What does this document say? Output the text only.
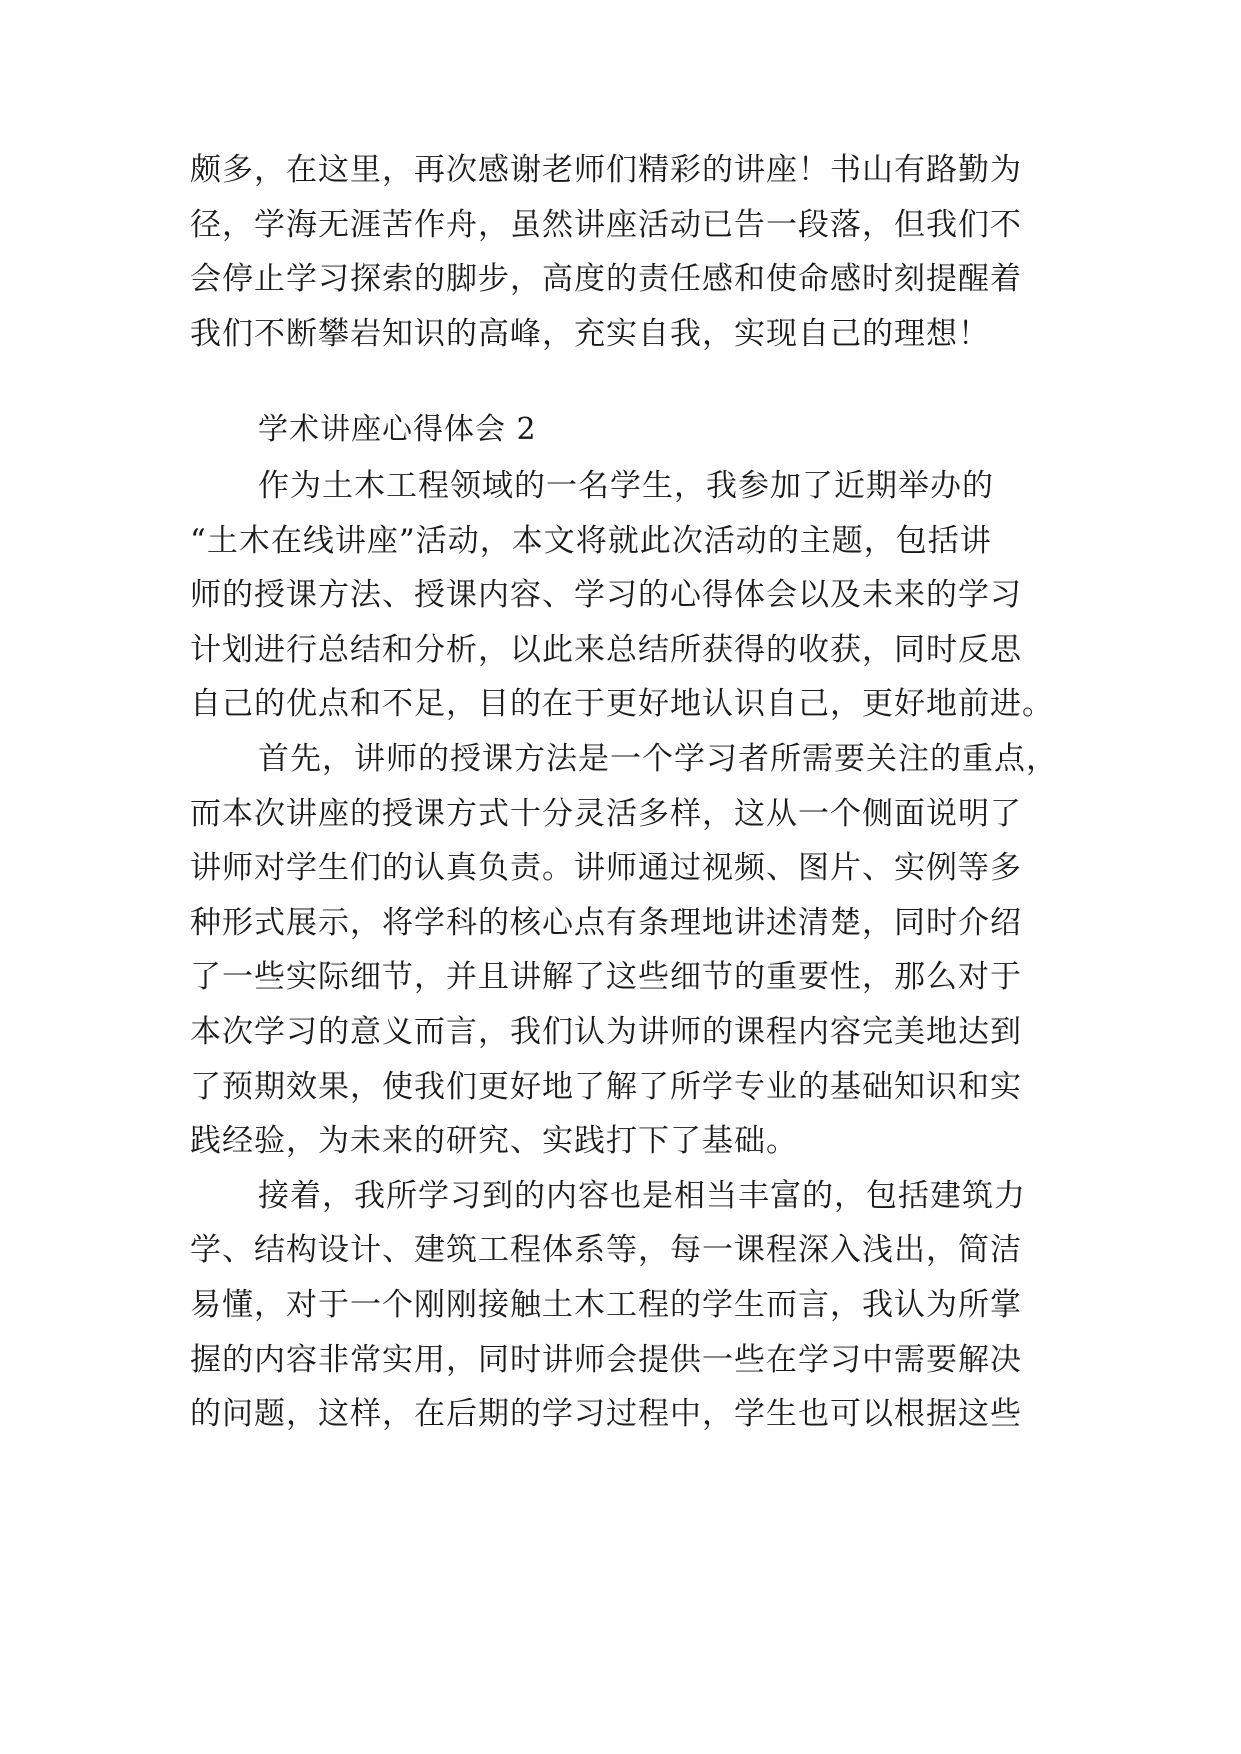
颇多，在这里，再次感谢老师们精彩的讲座！书山有路勤为
径，学海无涯苦作舟，虽然讲座活动已告一段落，但我们不
会停止学习探索的脚步，高度的责任感和使命感时刻提醒着
我们不断攀岩知识的高峰，充实自我，实现自己的理想！
学术讲座心得体会 2
作为土木工程领域的一名学生，我参加了近期举办的
“土木在线讲座”活动，本文将就此次活动的主题，包括讲
师的授课方法、授课内容、学习的心得体会以及未来的学习
计划进行总结和分析，以此来总结所获得的收获，同时反思
自己的优点和不足，目的在于更好地认识自己，更好地前进。
首先，讲师的授课方法是一个学习者所需要关注的重点，
而本次讲座的授课方式十分灵活多样，这从一个侧面说明了
讲师对学生们的认真负责。讲师通过视频、图片、实例等多
种形式展示，将学科的核心点有条理地讲述清楚，同时介绍
了一些实际细节，并且讲解了这些细节的重要性，那么对于
本次学习的意义而言，我们认为讲师的课程内容完美地达到
了预期效果，使我们更好地了解了所学专业的基础知识和实
践经验，为未来的研究、实践打下了基础。
接着，我所学习到的内容也是相当丰富的，包括建筑力
学、结构设计、建筑工程体系等，每一课程深入浅出，简洁
易懂，对于一个刚刚接触土木工程的学生而言，我认为所掌
握的内容非常实用，同时讲师会提供一些在学习中需要解决
的问题，这样，在后期的学习过程中，学生也可以根据这些
